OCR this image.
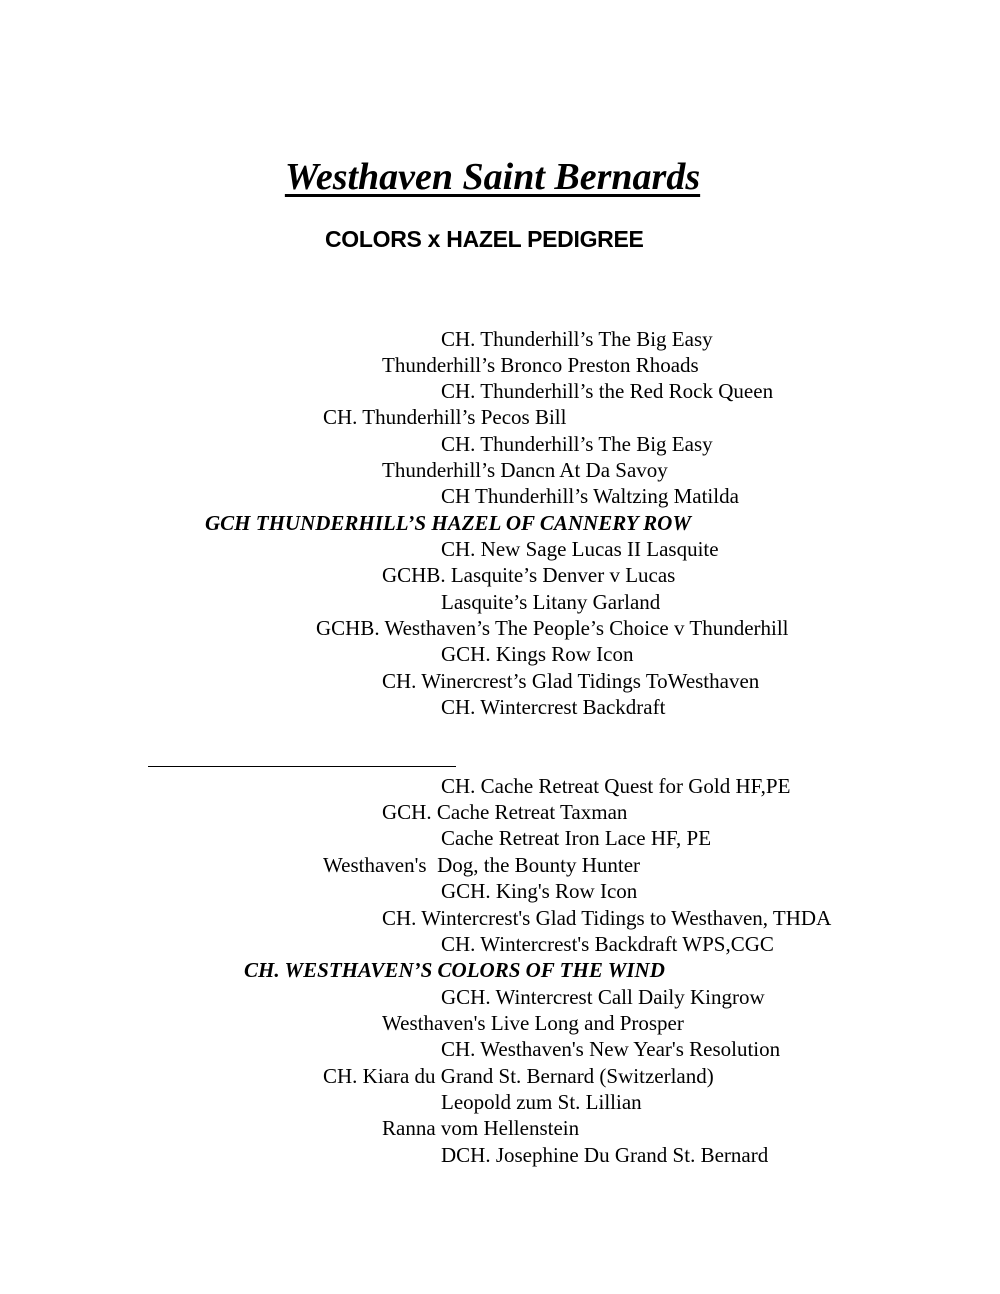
Westhaven Saint Bernards
COLORS x HAZEL PEDIGREE
CH. Thunderhill’s The Big Easy
Thunderhill’s Bronco Preston Rhoads
CH. Thunderhill’s the Red Rock Queen
CH. Thunderhill’s Pecos Bill
CH. Thunderhill’s The Big Easy
Thunderhill’s Dancn At Da Savoy
CH Thunderhill’s Waltzing Matilda
GCH THUNDERHILL’S HAZEL OF CANNERY ROW
CH. New Sage Lucas II Lasquite
GCHB. Lasquite’s Denver v Lucas
Lasquite’s Litany Garland
GCHB. Westhaven’s The People’s Choice v Thunderhill
GCH. Kings Row Icon
CH. Winercrest’s Glad Tidings ToWesthaven
CH. Wintercrest Backdraft
CH. Cache Retreat Quest for Gold HF,PE
GCH. Cache Retreat Taxman
Cache Retreat Iron Lace HF, PE
Westhaven's  Dog, the Bounty Hunter
GCH. King's Row Icon
CH. Wintercrest's Glad Tidings to Westhaven, THDA
CH. Wintercrest's Backdraft WPS,CGC
CH. WESTHAVEN’S COLORS OF THE WIND
GCH. Wintercrest Call Daily Kingrow
Westhaven's Live Long and Prosper
CH. Westhaven's New Year's Resolution
CH. Kiara du Grand St. Bernard (Switzerland)
Leopold zum St. Lillian
Ranna vom Hellenstein
DCH. Josephine Du Grand St. Bernard
